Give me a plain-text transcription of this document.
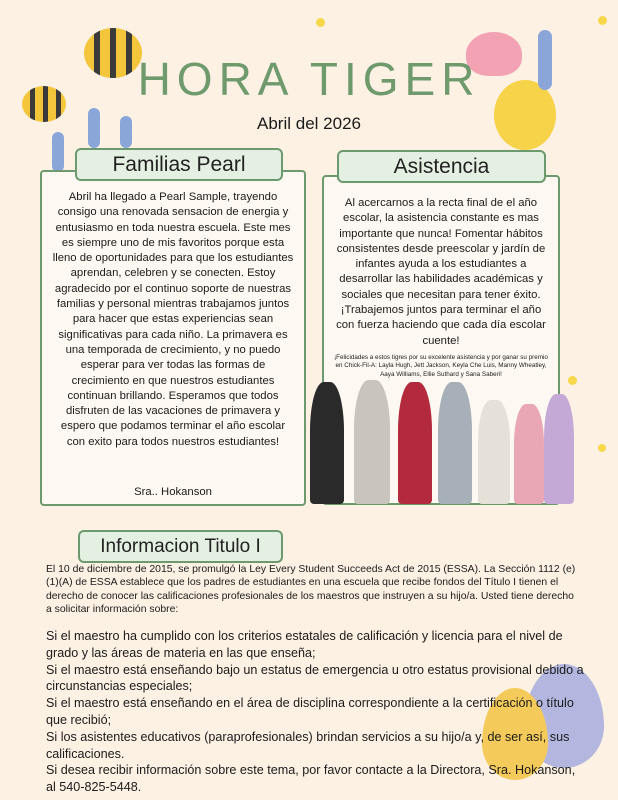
HORA TIGER
Abril del 2026
Familias Pearl
Abril ha llegado a Pearl Sample, trayendo consigo una renovada sensacion de energia y entusiasmo en toda nuestra escuela. Este mes es siempre uno de mis favoritos porque esta lleno de oportunidades para que los estudiantes aprendan, celebren y se conecten. Estoy agradecido por el continuo soporte de nuestras familias y personal mientras trabajamos juntos para hacer que estas experiencias sean significativas para cada niño. La primavera es una temporada de crecimiento, y no puedo esperar para ver todas las formas de crecimiento en que nuestros estudiantes continuan brillando. Esperamos que todos disfruten de las vacaciones de primavera y espero que podamos terminar el año escolar con exito para todos nuestros estudiantes!
Sra.. Hokanson
Asistencia
Al acercarnos a la recta final de el año escolar, la asistencia constante es mas importante que nunca! Fomentar hábitos consistentes desde preescolar y jardín de infantes ayuda a los estudiantes a desarrollar las habilidades académicas y sociales que necesitan para tener éxito. ¡Trabajemos juntos para terminar el año con fuerza haciendo que cada día escolar cuente!
¡Felicidades a estos tigres por su excelente asistencia y por ganar su premio en Chick-Fil-A: Layla Hugh, Jett Jackson, Keyla Che Luis, Manny Wheatley, Aaya Williams, Ellie Suthard y Sana Saberi!
Informacion Titulo I
El 10 de diciembre de 2015, se promulgó la Ley Every Student Succeeds Act de 2015 (ESSA). La Sección 1112 (e)(1)(A) de ESSA establece que los padres de estudiantes en una escuela que recibe fondos del Título I tienen el derecho de conocer las calificaciones profesionales de los maestros que instruyen a su hijo/a. Usted tiene derecho a solicitar información sobre:
Si el maestro ha cumplido con los criterios estatales de calificación y licencia para el nivel de grado y las áreas de materia en las que enseña;
Si el maestro está enseñando bajo un estatus de emergencia u otro estatus provisional debido a circunstancias especiales;
Si el maestro está enseñando en el área de disciplina correspondiente a la certificación o título que recibió;
Si los asistentes educativos (paraprofesionales) brindan servicios a su hijo/a y, de ser así, sus calificaciones.
Si desea recibir información sobre este tema, por favor contacte a la Directora, Sra. Hokanson, al 540-825-5448.
